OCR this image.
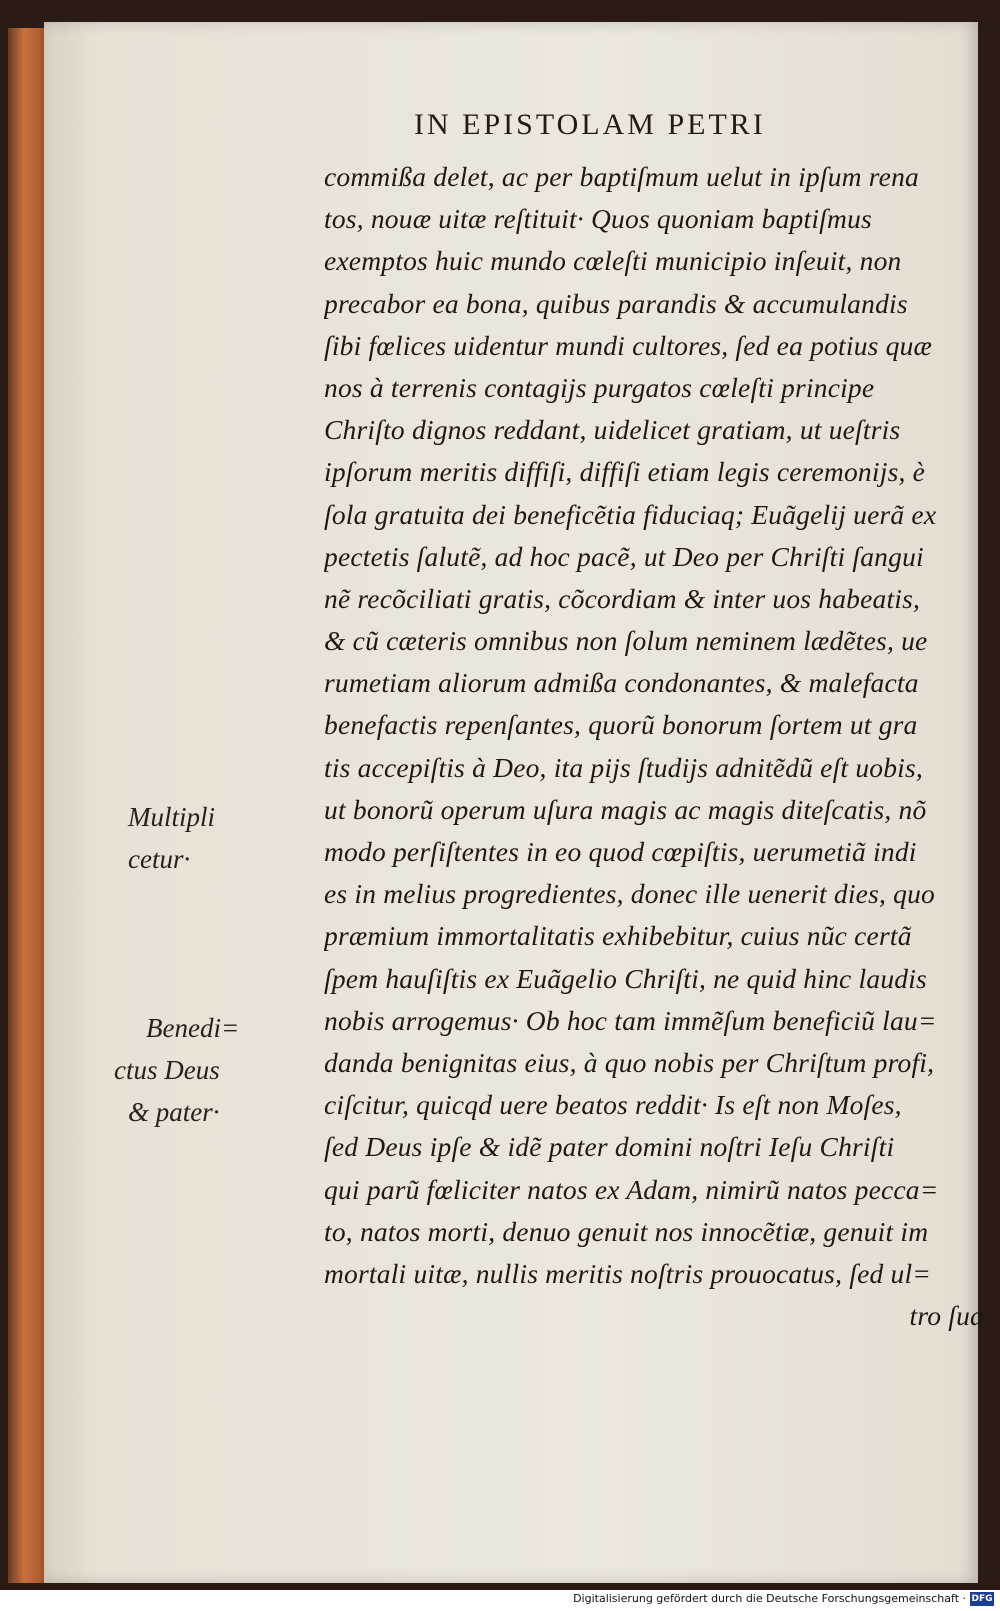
IN EPISTOLAM PETRI
commißa delet, ac per baptiſmum uelut in ipſum rena
tos, nouæ uitæ reſtituit· Quos quoniam baptiſmus
exemptos huic mundo cœleſti municipio inſeuit, non
precabor ea bona, quibus parandis & accumulandis
ſibi fœlices uidentur mundi cultores, ſed ea potius quæ
nos à terrenis contagijs purgatos cœleſti principe
Chriſto dignos reddant, uidelicet gratiam, ut ueſtris
ipſorum meritis diffiſi, diffiſi etiam legis ceremonijs, è
ſola gratuita dei beneficẽtia fiduciaq; Euãgelij uerã ex
pectetis ſalutẽ, ad hoc pacẽ, ut Deo per Chriſti ſangui
nẽ recõciliati gratis, cõcordiam & inter uos habeatis,
& cũ cæteris omnibus non ſolum neminem lædẽtes, ue
rumetiam aliorum admißa condonantes, & malefacta
benefactis repenſantes, quorũ bonorum ſortem ut gra
tis accepiſtis à Deo, ita pijs ſtudijs adnitẽdũ eſt uobis,
ut bonorũ operum uſura magis ac magis diteſcatis, nõ
modo perſiſtentes in eo quod cœpiſtis, uerumetiã indi
es in melius progredientes, donec ille uenerit dies, quo
præmium immortalitatis exhibebitur, cuius nũc certã
ſpem hauſiſtis ex Euãgelio Chriſti, ne quid hinc laudis
nobis arrogemus· Ob hoc tam immẽſum beneficiũ lau=
danda benignitas eius, à quo nobis per Chriſtum profi,
ciſcitur, quicqd uere beatos reddit· Is eſt non Moſes,
ſed Deus ipſe & idẽ pater domini noſtri Ieſu Chriſti
qui parũ fœliciter natos ex Adam, nimirũ natos pecca=
to, natos morti, denuo genuit nos innocẽtiæ, genuit im
mortali uitæ, nullis meritis noſtris prouocatus, ſed ul=
tro ſua
Multipli
cetur·
Benedi=
ctus Deus
& pater·
Digitalisierung gefördert durch die Deutsche Forschungsgemeinschaft · DFG
